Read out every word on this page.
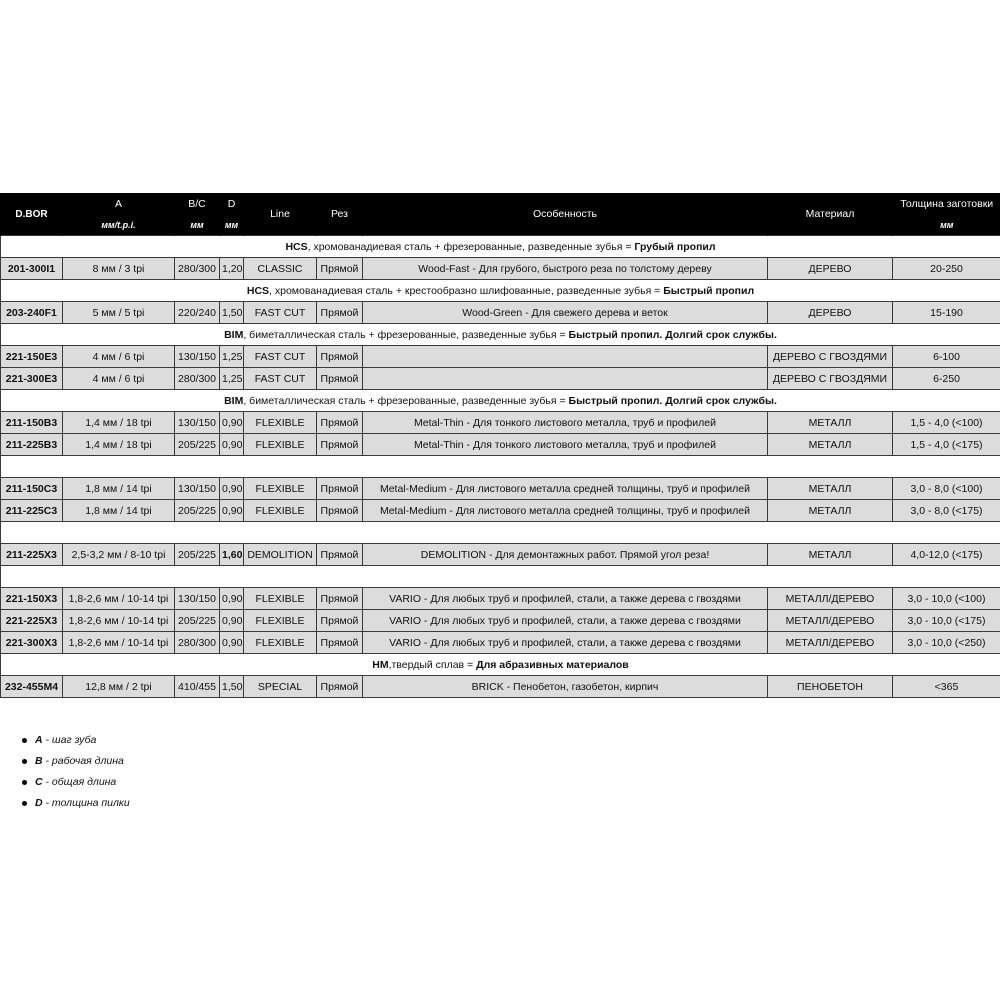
D.BOR	A	B/C	D	Line	Рез	Особенность	Материал	Толщина заготовки
	мм/t.p.i.	мм	мм					мм
HCS, хромованадиевая сталь + фрезерованные, разведенные зубья = Грубый пропил								
201-300I1	8 мм / 3 tpi	280/300	1,20	CLASSIC	Прямой	Wood-Fast - Для грубого, быстрого реза по толстому дереву	ДЕРЕВО	20-250
HCS, хромованадиевая сталь + крестообразно шлифованные, разведенные зубья = Быстрый пропил								
203-240F1	5 мм / 5 tpi	220/240	1,50	FAST CUT	Прямой	Wood-Green - Для свежего дерева и веток	ДЕРЕВО	15-190
BIM, биметаллическая сталь + фрезерованные, разведенные зубья = Быстрый пропил. Долгий срок службы.								
221-150E3	4 мм / 6 tpi	130/150	1,25	FAST CUT	Прямой		ДЕРЕВО С ГВОЗДЯМИ	6-100
221-300E3	4 мм / 6 tpi	280/300	1,25	FAST CUT	Прямой		ДЕРЕВО С ГВОЗДЯМИ	6-250
BIM, биметаллическая сталь + фрезерованные, разведенные зубья = Быстрый пропил. Долгий срок службы.								
211-150B3	1,4 мм / 18 tpi	130/150	0,90	FLEXIBLE	Прямой	Metal-Thin - Для тонкого листового металла, труб и профилей	МЕТАЛЛ	1,5 - 4,0 (<100)
211-225B3	1,4 мм / 18 tpi	205/225	0,90	FLEXIBLE	Прямой	Metal-Thin - Для тонкого листового металла, труб и профилей	МЕТАЛЛ	1,5 - 4,0 (<175)

211-150C3	1,8 мм / 14 tpi	130/150	0,90	FLEXIBLE	Прямой	Metal-Medium - Для листового металла средней толщины, труб и профилей	МЕТАЛЛ	3,0 - 8,0 (<100)
211-225C3	1,8 мм / 14 tpi	205/225	0,90	FLEXIBLE	Прямой	Metal-Medium - Для листового металла средней толщины, труб и профилей	МЕТАЛЛ	3,0 - 8,0 (<175)

211-225X3	2,5-3,2 мм / 8-10 tpi	205/225	1,60	DEMOLITION	Прямой	DEMOLITION - Для демонтажных работ. Прямой угол реза!	МЕТАЛЛ	4,0-12,0 (<175)

221-150X3	1,8-2,6 мм / 10-14 tpi	130/150	0,90	FLEXIBLE	Прямой	VARIO - Для любых труб и профилей, стали, а также дерева с гвоздями	МЕТАЛЛ/ДЕРЕВО	3,0 - 10,0 (<100)
221-225X3	1,8-2,6 мм / 10-14 tpi	205/225	0,90	FLEXIBLE	Прямой	VARIO - Для любых труб и профилей, стали, а также дерева с гвоздями	МЕТАЛЛ/ДЕРЕВО	3,0 - 10,0 (<175)
221-300X3	1,8-2,6 мм / 10-14 tpi	280/300	0,90	FLEXIBLE	Прямой	VARIO - Для любых труб и профилей, стали, а также дерева с гвоздями	МЕТАЛЛ/ДЕРЕВО	3,0 - 10,0 (<250)
HM,твердый сплав = Для абразивных материалов								
232-455M4	12,8 мм / 2 tpi	410/455	1,50	SPECIAL	Прямой	BRICK - Пенобетон, газобетон, кирпич	ПЕНОБЕТОН	<365
A - шаг зуба
B - рабочая длина
C - общая длина
D - толщина пилки
